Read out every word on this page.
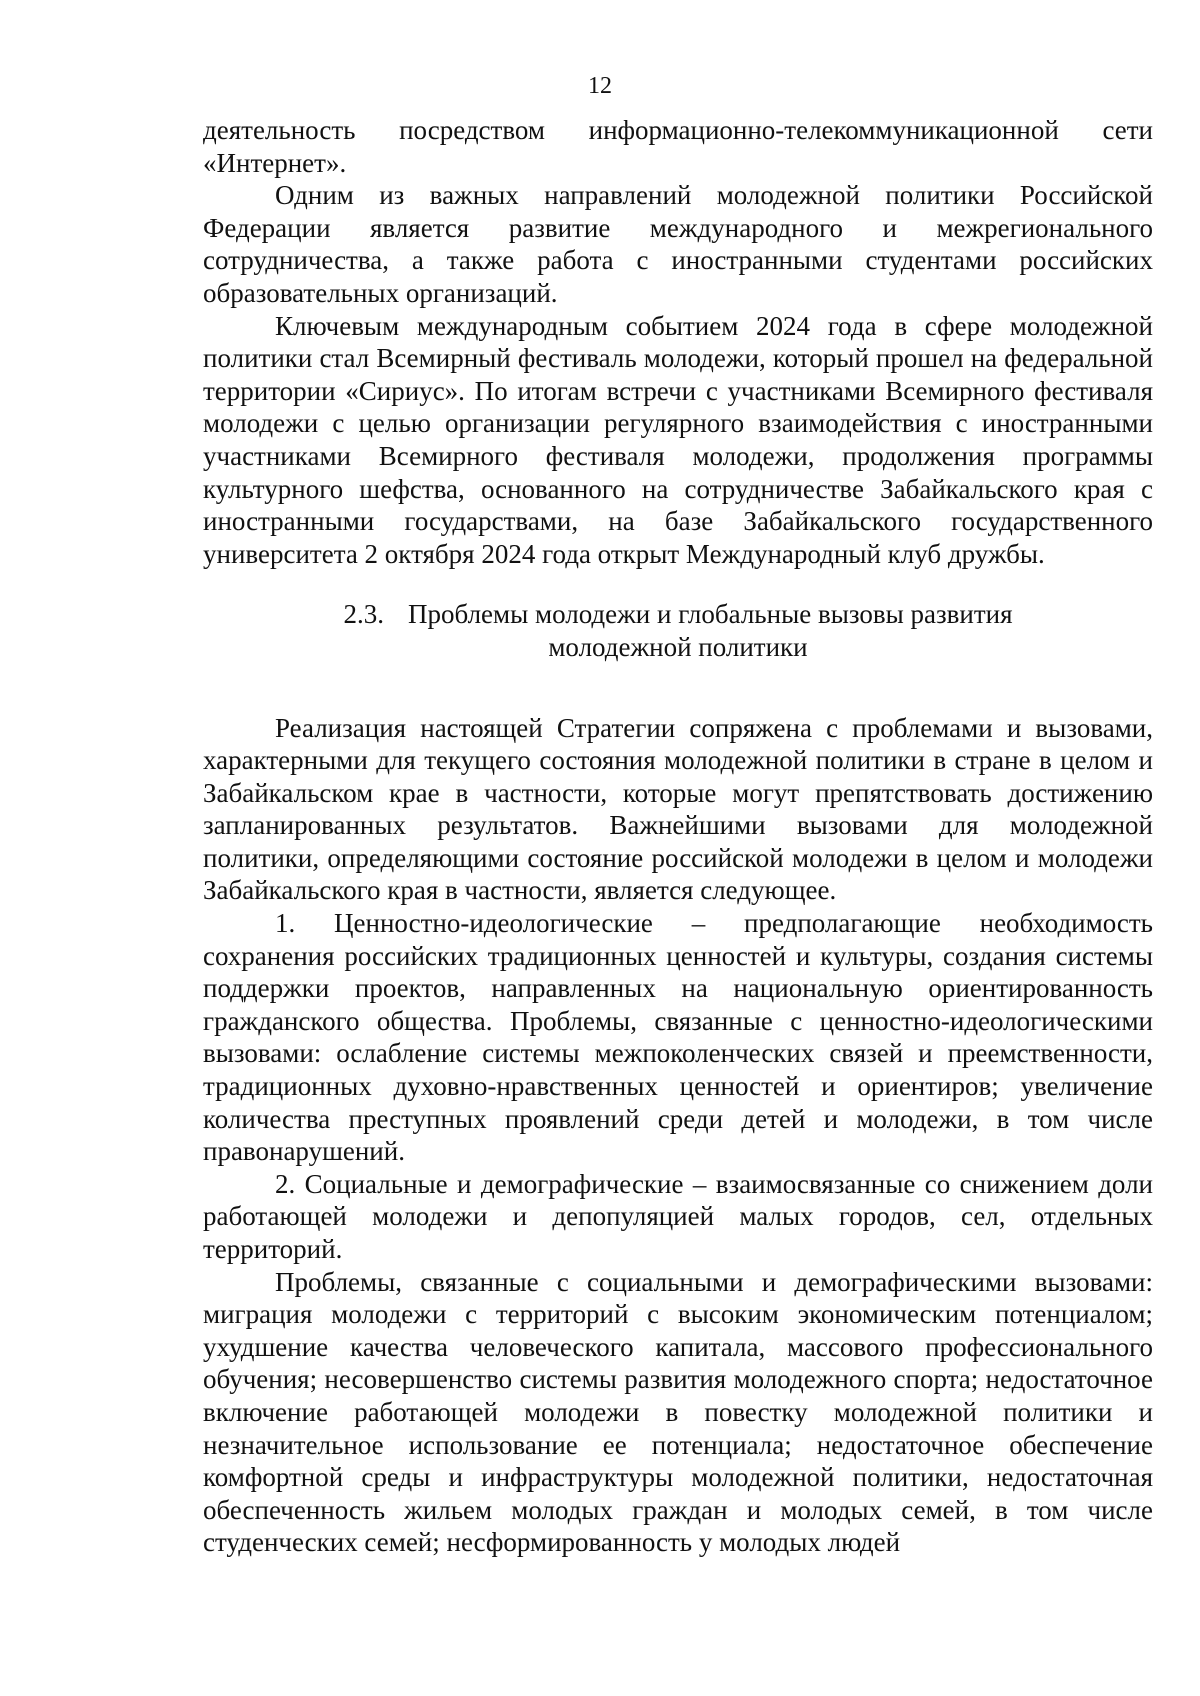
12

деятельность посредством информационно-телекоммуникационной сети «Интернет».

Одним из важных направлений молодежной политики Российской Федерации является развитие международного и межрегионального сотрудничества, а также работа с иностранными студентами российских образовательных организаций.

Ключевым международным событием 2024 года в сфере молодежной политики стал Всемирный фестиваль молодежи, который прошел на федеральной территории «Сириус». По итогам встречи с участниками Всемирного фестиваля молодежи с целью организации регулярного взаимодействия с иностранными участниками Всемирного фестиваля молодежи, продолжения программы культурного шефства, основанного на сотрудничестве Забайкальского края с иностранными государствами, на базе Забайкальского государственного университета 2 октября 2024 года открыт Международный клуб дружбы.

2.3. Проблемы молодежи и глобальные вызовы развития
молодежной политики

Реализация настоящей Стратегии сопряжена с проблемами и вызовами, характерными для текущего состояния молодежной политики в стране в целом и Забайкальском крае в частности, которые могут препятствовать достижению запланированных результатов. Важнейшими вызовами для молодежной политики, определяющими состояние российской молодежи в целом и молодежи Забайкальского края в частности, является следующее.

1. Ценностно-идеологические – предполагающие необходимость сохранения российских традиционных ценностей и культуры, создания системы поддержки проектов, направленных на национальную ориентированность гражданского общества. Проблемы, связанные с ценностно-идеологическими вызовами: ослабление системы межпоколенческих связей и преемственности, традиционных духовно-нравственных ценностей и ориентиров; увеличение количества преступных проявлений среди детей и молодежи, в том числе правонарушений.

2. Социальные и демографические – взаимосвязанные со снижением доли работающей молодежи и депопуляцией малых городов, сел, отдельных территорий.

Проблемы, связанные с социальными и демографическими вызовами: миграция молодежи с территорий с высоким экономическим потенциалом; ухудшение качества человеческого капитала, массового профессионального обучения; несовершенство системы развития молодежного спорта; недостаточное включение работающей молодежи в повестку молодежной политики и незначительное использование ее потенциала; недостаточное обеспечение комфортной среды и инфраструктуры молодежной политики, недостаточная обеспеченность жильем молодых граждан и молодых семей, в том числе студенческих семей; несформированность у молодых людей
